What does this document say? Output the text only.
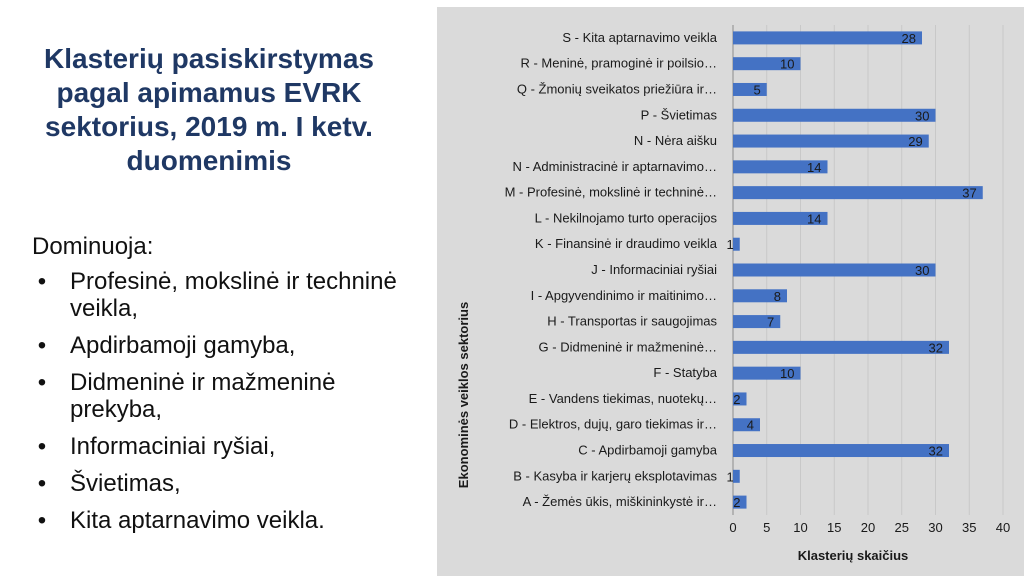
Klasterių pasiskirstymas pagal apimamus EVRK sektorius, 2019 m. I ketv. duomenimis

Dominuoja:

• Profesinė, mokslinė ir techninė veikla,
• Apdirbamoji gamyba,
• Didmeninė ir mažmeninė prekyba,
• Informaciniai ryšiai,
• Švietimas,
• Kita aptarnavimo veikla.
S - Kita aptarnavimo veikla	28
R - Meninė, pramoginė ir poilsio…	10
Q - Žmonių sveikatos priežiūra ir…	5
P - Švietimas	30
N - Nėra aišku	29
N - Administracinė ir aptarnavimo…	14
M - Profesinė, mokslinė ir techninė…	37
L - Nekilnojamo turto operacijos	14
K - Finansinė ir draudimo veikla 1
J - Informaciniai ryšiai	30
I - Apgyvendinimo ir maitinimo…	8
H - Transportas ir saugojimas	7
G - Didmeninė ir mažmeninė…	32
F - Statyba	10
E - Vandens tiekimas, nuotekų… 2
D - Elektros, dujų, garo tiekimas ir… 4
C - Apdirbamoji gamyba	32
B - Kasyba ir karjerų eksplotavimas 1
A - Žemės ūkis, miškininkystė ir… 2
0 5 10 15 20 25 30 35 40
Klasterių skaičius
Ekonominės veiklos sektorius
